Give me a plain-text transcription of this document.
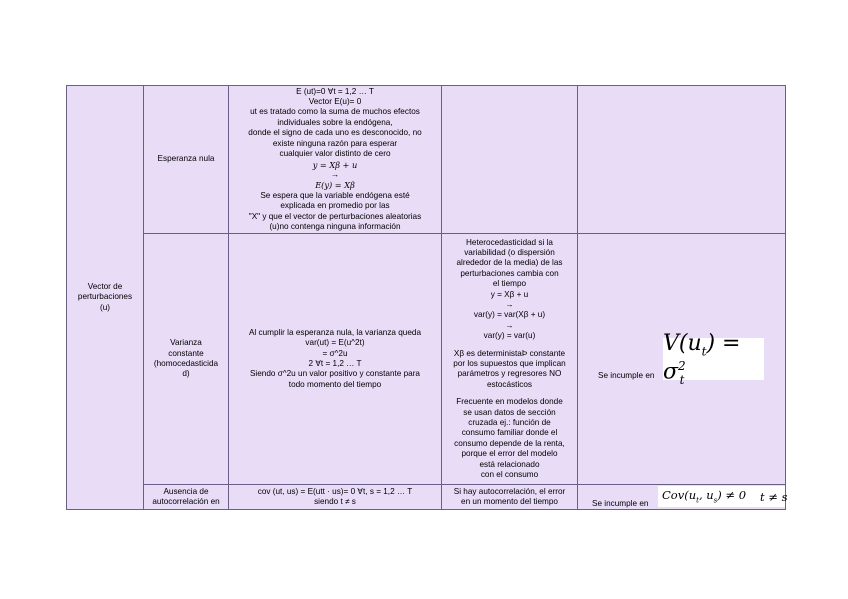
Vector de
perturbaciones
(u)
Esperanza nula
E (ut)=0 ∀t = 1,2 … T
Vector E(u)= 0
ut es tratado como la suma de muchos efectos
individuales sobre la endógena,
donde el signo de cada uno es desconocido, no
existe ninguna razón para esperar
cualquier valor distinto de cero
y = Xβ + u
→
E(y) = Xβ
Se espera que la variable endógena esté
explicada en promedio por las
"X" y que el vector de perturbaciones aleatorias
(u)no contenga ninguna información
Varianza
constante
(homocedasticida
d)
Al cumplir la esperanza nula, la varianza queda
var(ut) = E(u^2t)
= σ^2u
2 ∀t = 1,2 … T
Siendo σ^2u un valor positivo y constante para
todo momento del tiempo
Heterocedasticidad si la
variabilidad (o dispersión
alrededor de la media) de las
perturbaciones cambia con
el tiempo
y = Xβ + u
→
var(y) = var(Xβ + u)
→
var(y) = var(u)
Xβ es deterministaÞ constante
por los supuestos que implican
parámetros y regresores NO
estocásticos
Frecuente en modelos donde
se usan datos de sección
cruzada ej.: función de
consumo familiar donde el
consumo depende de la renta,
porque el error del modelo
está relacionado
con el consumo
Ausencia de
autocorrelación en
cov (ut, us) = E(utt · us)= 0 ∀t, s = 1,2 … T
siendo t ≠ s
Si hay autocorrelación, el error
en un momento del tiempo
Se incumple en
$V(u_t) = \sigma^2_t$
Se incumple en
$Cov(u_t$, $u_s) \ne 0$ t ≠ s
